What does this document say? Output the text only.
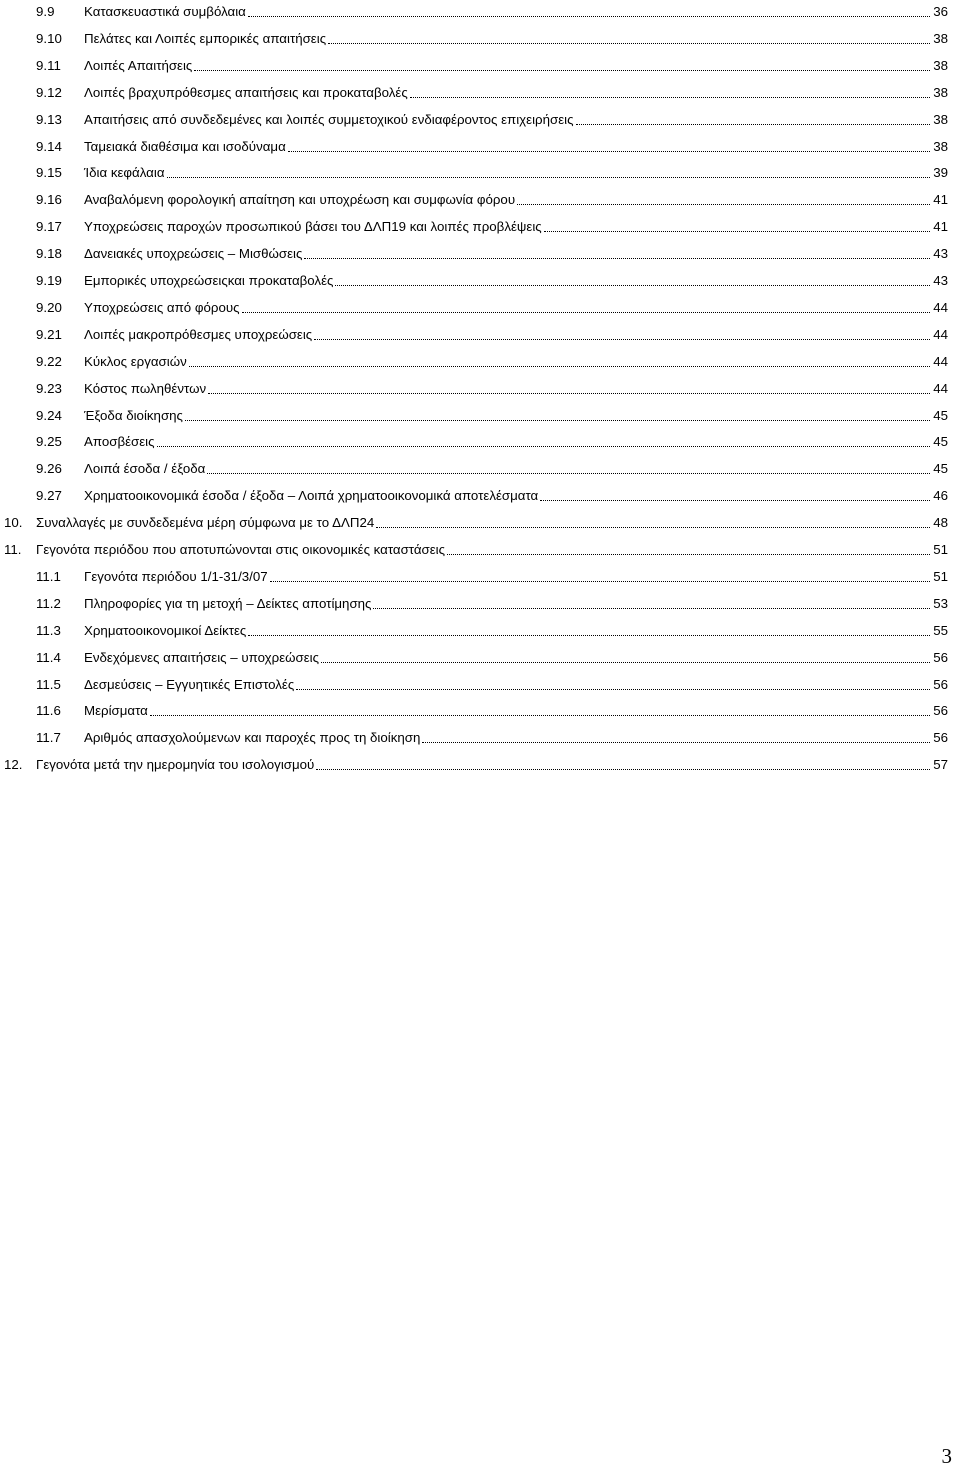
9.9 Κατασκευαστικά συμβόλαια	36
9.10 Πελάτες και Λοιπές εμπορικές απαιτήσεις	38
9.11 Λοιπές Απαιτήσεις	38
9.12 Λοιπές βραχυπρόθεσμες απαιτήσεις και προκαταβολές	38
9.13 Απαιτήσεις από συνδεδεμένες και λοιπές συμμετοχικού ενδιαφέροντος επιχειρήσεις	38
9.14 Ταμειακά διαθέσιμα και ισοδύναμα	38
9.15 Ίδια κεφάλαια	39
9.16 Αναβαλόμενη φορολογική απαίτηση και υποχρέωση και συμφωνία φόρου	41
9.17 Υποχρεώσεις παροχών προσωπικού βάσει του ΔΛΠ19 και λοιπές προβλέψεις	41
9.18 Δανειακές υποχρεώσεις – Μισθώσεις	43
9.19 Εμπορικές υποχρεώσειςκαι προκαταβολές	43
9.20 Υποχρεώσεις από φόρους	44
9.21 Λοιπές μακροπρόθεσμες υποχρεώσεις	44
9.22 Κύκλος εργασιών	44
9.23 Κόστος πωληθέντων	44
9.24 Έξοδα διοίκησης	45
9.25 Αποσβέσεις	45
9.26 Λοιπά έσοδα / έξοδα	45
9.27 Χρηματοοικονομικά έσοδα / έξοδα – Λοιπά χρηματοοικονομικά αποτελέσματα	46
10. Συναλλαγές με συνδεδεμένα μέρη σύμφωνα με το ΔΛΠ24	48
11. Γεγονότα περιόδου που αποτυπώνονται στις οικονομικές καταστάσεις	51
11.1 Γεγονότα περιόδου 1/1-31/3/07	51
11.2 Πληροφορίες για τη μετοχή – Δείκτες αποτίμησης	53
11.3 Χρηματοοικονομικοί Δείκτες	55
11.4 Ενδεχόμενες απαιτήσεις – υποχρεώσεις	56
11.5 Δεσμεύσεις – Εγγυητικές Επιστολές	56
11.6 Μερίσματα	56
11.7 Αριθμός απασχολούμενων και παροχές προς τη διοίκηση	56
12. Γεγονότα μετά την ημερομηνία του ισολογισμού	57
3
